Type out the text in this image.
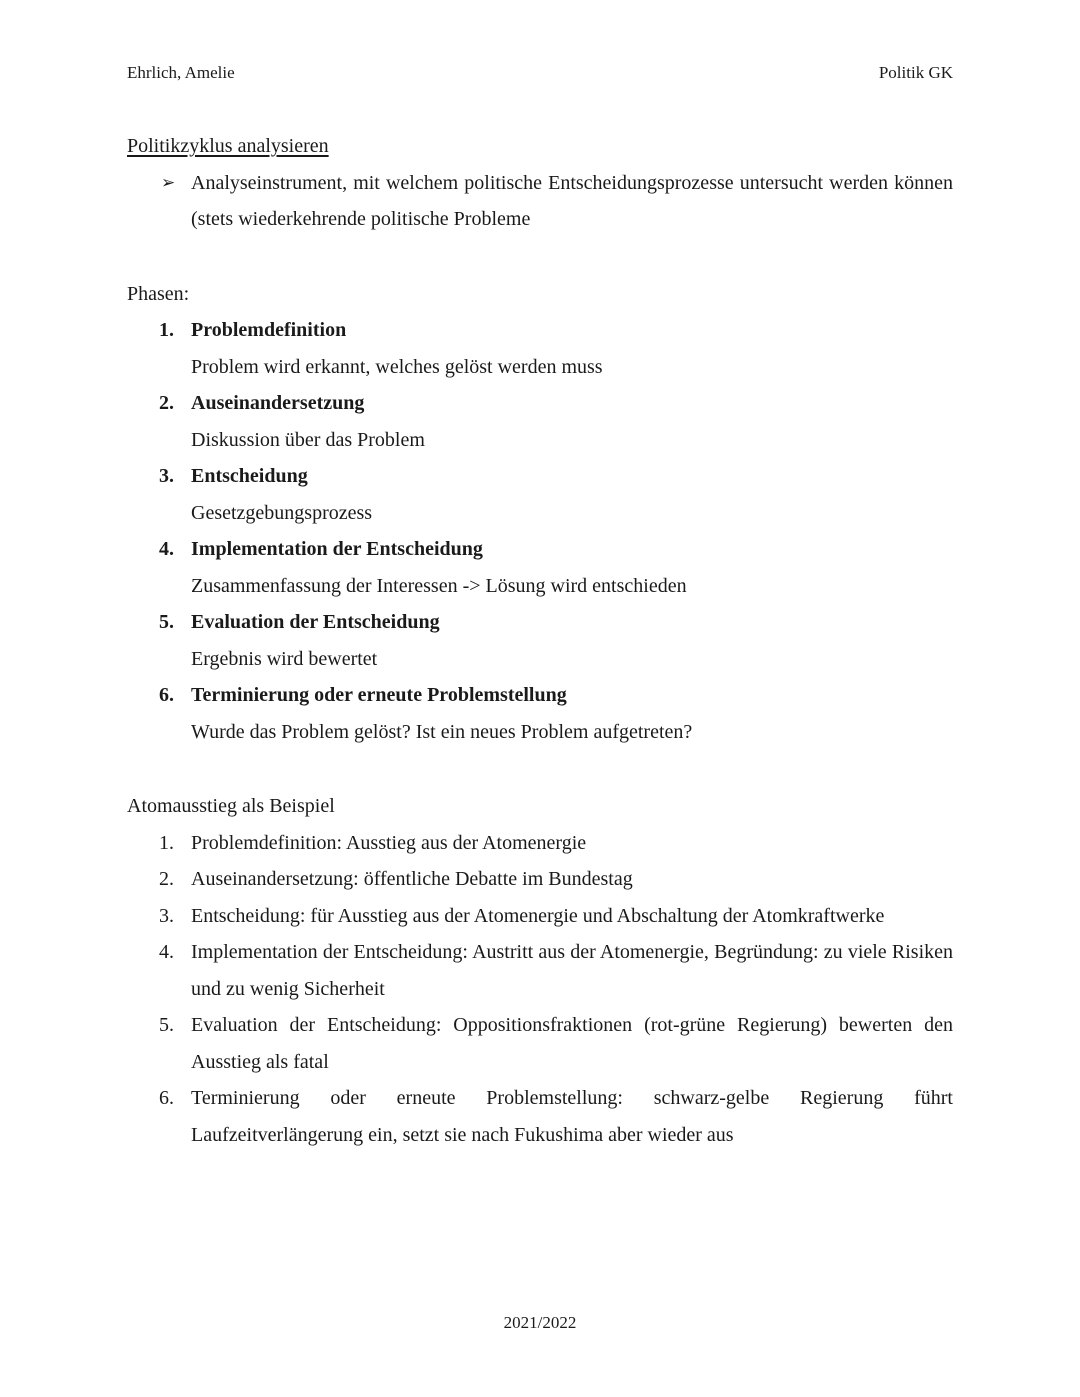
Ehrlich, Amelie	Politik GK
Politikzyklus analysieren
➢ Analyseinstrument, mit welchem politische Entscheidungsprozesse untersucht werden können (stets wiederkehrende politische Probleme
Phasen:
1. Problemdefinition
Problem wird erkannt, welches gelöst werden muss
2. Auseinandersetzung
Diskussion über das Problem
3. Entscheidung
Gesetzgebungsprozess
4. Implementation der Entscheidung
Zusammenfassung der Interessen -> Lösung wird entschieden
5. Evaluation der Entscheidung
Ergebnis wird bewertet
6. Terminierung oder erneute Problemstellung
Wurde das Problem gelöst? Ist ein neues Problem aufgetreten?
Atomausstieg als Beispiel
1. Problemdefinition: Ausstieg aus der Atomenergie
2. Auseinandersetzung: öffentliche Debatte im Bundestag
3. Entscheidung: für Ausstieg aus der Atomenergie und Abschaltung der Atomkraftwerke
4. Implementation der Entscheidung: Austritt aus der Atomenergie, Begründung: zu viele Risiken und zu wenig Sicherheit
5. Evaluation der Entscheidung: Oppositionsfraktionen (rot-grüne Regierung) bewerten den Ausstieg als fatal
6. Terminierung oder erneute Problemstellung: schwarz-gelbe Regierung führt
Laufzeitverlängerung ein, setzt sie nach Fukushima aber wieder aus
2021/2022
